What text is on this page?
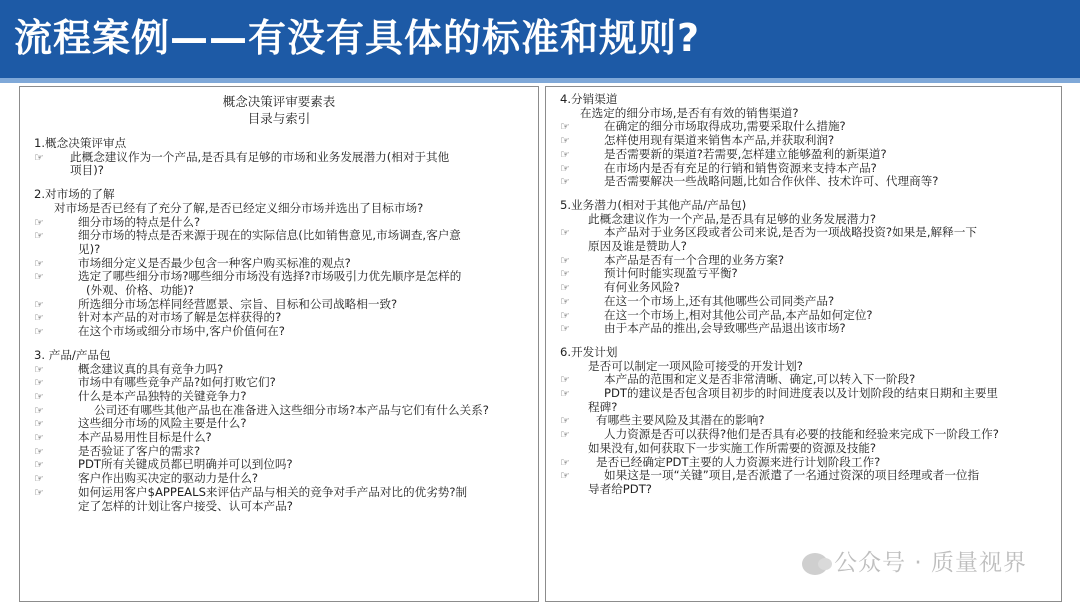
流程案例——有没有具体的标准和规则?
概念决策评审要素表
目录与索引
1.概念决策评审点
☞	此概念建议作为一个产品,是否具有足够的市场和业务发展潜力(相对于其他
项目)?
2.对市场的了解
对市场是否已经有了充分了解,是否已经定义细分市场并选出了目标市场?
☞	细分市场的特点是什么?
☞	细分市场的特点是否来源于现在的实际信息(比如销售意见,市场调查,客户意
见)?
☞	市场细分定义是否最少包含一种客户购买标准的观点?
☞	选定了哪些细分市场?哪些细分市场没有选择?市场吸引力优先顺序是怎样的
(外观、价格、功能)?
☞	所选细分市场怎样同经营愿景、宗旨、目标和公司战略相一致?
☞	针对本产品的对市场了解是怎样获得的?
☞	在这个市场或细分市场中,客户价值何在?
3. 产品/产品包
☞	概念建议真的具有竞争力吗?
☞	市场中有哪些竞争产品?如何打败它们?
☞	什么是本产品独特的关键竞争力?
☞	公司还有哪些其他产品也在准备进入这些细分市场?本产品与它们有什么关系?
☞	这些细分市场的风险主要是什么?
☞	本产品易用性目标是什么?
☞	是否验证了客户的需求?
☞	PDT所有关键成员都已明确并可以到位吗?
☞	客户作出购买决定的驱动力是什么?
☞	如何运用客户$APPEALS来评估产品与相关的竞争对手产品对比的优劣势?制
定了怎样的计划让客户接受、认可本产品?
4.分销渠道
在选定的细分市场,是否有有效的销售渠道?
☞	在确定的细分市场取得成功,需要采取什么措施?
☞	怎样使用现有渠道来销售本产品,并获取利润?
☞	是否需要新的渠道?若需要,怎样建立能够盈利的新渠道?
☞	在市场内是否有充足的行销和销售资源来支持本产品?
☞	是否需要解决一些战略问题,比如合作伙伴、技术许可、代理商等?
5.业务潜力(相对于其他产品/产品包)
此概念建议作为一个产品,是否具有足够的业务发展潜力?
☞	本产品对于业务区段或者公司来说,是否为一项战略投资?如果是,解释一下
原因及谁是赞助人?
☞	本产品是否有一个合理的业务方案?
☞	预计何时能实现盈亏平衡?
☞	有何业务风险?
☞	在这一个市场上,还有其他哪些公司同类产品?
☞	在这一个市场上,相对其他公司产品,本产品如何定位?
☞	由于本产品的推出,会导致哪些产品退出该市场?
6.开发计划
是否可以制定一项风险可接受的开发计划?
☞	本产品的范围和定义是否非常清晰、确定,可以转入下一阶段?
☞	PDT的建议是否包含项目初步的时间进度表以及计划阶段的结束日期和主要里
程碑?
☞	有哪些主要风险及其潜在的影响?
☞	人力资源是否可以获得?他们是否具有必要的技能和经验来完成下一阶段工作?
如果没有,如何获取下一步实施工作所需要的资源及技能?
☞	是否已经确定PDT主要的人力资源来进行计划阶段工作?
☞	如果这是一项“关键”项目,是否派遣了一名通过资深的项目经理或者一位指
导者给PDT?
公众号 · 质量视界
